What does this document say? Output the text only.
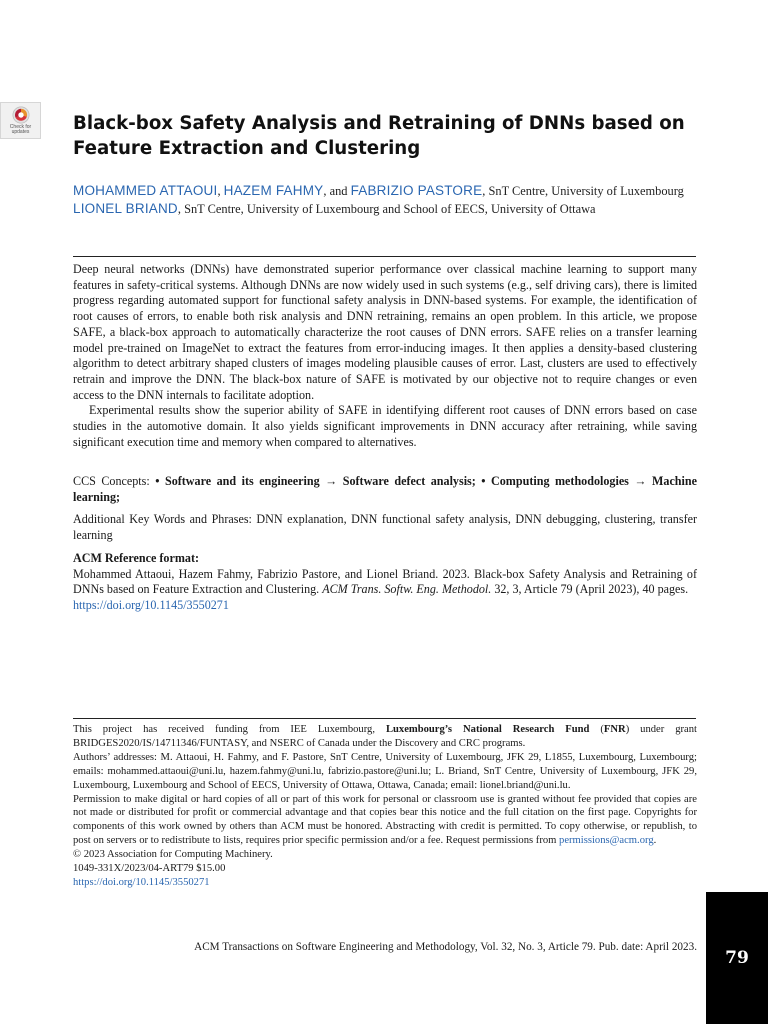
Check for
updates Black-box Safety Analysis and Retraining of DNNs based on
Feature Extraction and Clustering
MOHAMMED ATTAOUI, HAZEM FAHMY, and FABRIZIO PASTORE, SnT Centre, University of Luxembourg
LIONEL BRIAND, SnT Centre, University of Luxembourg and School of EECS, University of Ottawa

Deep neural networks (DNNs) have demonstrated superior performance over classical machine learning to support many features in safety-critical systems. Although DNNs are now widely used in such systems (e.g., self driving cars), there is limited progress regarding automated support for functional safety analysis in DNN-based systems. For example, the identification of root causes of errors, to enable both risk analysis and DNN retraining, remains an open problem. In this article, we propose SAFE, a black-box approach to automatically characterize the root causes of DNN errors. SAFE relies on a transfer learning model pre-trained on ImageNet to extract the features from error-inducing images. It then applies a density-based clustering algorithm to detect arbitrary shaped clusters of images modeling plausible causes of error. Last, clusters are used to effectively retrain and improve the DNN. The black-box nature of SAFE is motivated by our objective not to require changes or even access to the DNN internals to facilitate adoption.

Experimental results show the superior ability of SAFE in identifying different root causes of DNN errors based on case studies in the automotive domain. It also yields significant improvements in DNN accuracy after retraining, while saving significant execution time and memory when compared to alternatives.

CCS Concepts: • Software and its engineering → Software defect analysis; • Computing methodologies → Machine learning;
Additional Key Words and Phrases: DNN explanation, DNN functional safety analysis, DNN debugging, clustering, transfer learning
ACM Reference format:
Mohammed Attaoui, Hazem Fahmy, Fabrizio Pastore, and Lionel Briand. 2023. Black-box Safety Analysis and Retraining of DNNs based on Feature Extraction and Clustering. ACM Trans. Softw. Eng. Methodol. 32, 3, Article 79 (April 2023), 40 pages.
https://doi.org/10.1145/3550271

This project has received funding from IEE Luxembourg, Luxembourg’s National Research Fund (FNR) under grant BRIDGES2020/IS/14711346/FUNTASY, and NSERC of Canada under the Discovery and CRC programs.

Authors’ addresses: M. Attaoui, H. Fahmy, and F. Pastore, SnT Centre, University of Luxembourg, JFK 29, L1855, Luxembourg, Luxembourg; emails: mohammed.attaoui@uni.lu, hazem.fahmy@uni.lu, fabrizio.pastore@uni.lu; L. Briand, SnT Centre, University of Luxembourg, JFK 29, Luxembourg, Luxembourg and School of EECS, University of Ottawa, Ottawa, Canada; email: lionel.briand@uni.lu.

Permission to make digital or hard copies of all or part of this work for personal or classroom use is granted without fee provided that copies are not made or distributed for profit or commercial advantage and that copies bear this notice and the full citation on the first page. Copyrights for components of this work owned by others than ACM must be honored. Abstracting with credit is permitted. To copy otherwise, or republish, to post on servers or to redistribute to lists, requires prior specific permission and/or a fee. Request permissions from permissions@acm.org.

© 2023 Association for Computing Machinery.

1049-331X/2023/04-ART79 $15.00

https://doi.org/10.1145/3550271

ACM Transactions on Software Engineering and Methodology, Vol. 32, No. 3, Article 79. Pub. date: April 2023.
79
